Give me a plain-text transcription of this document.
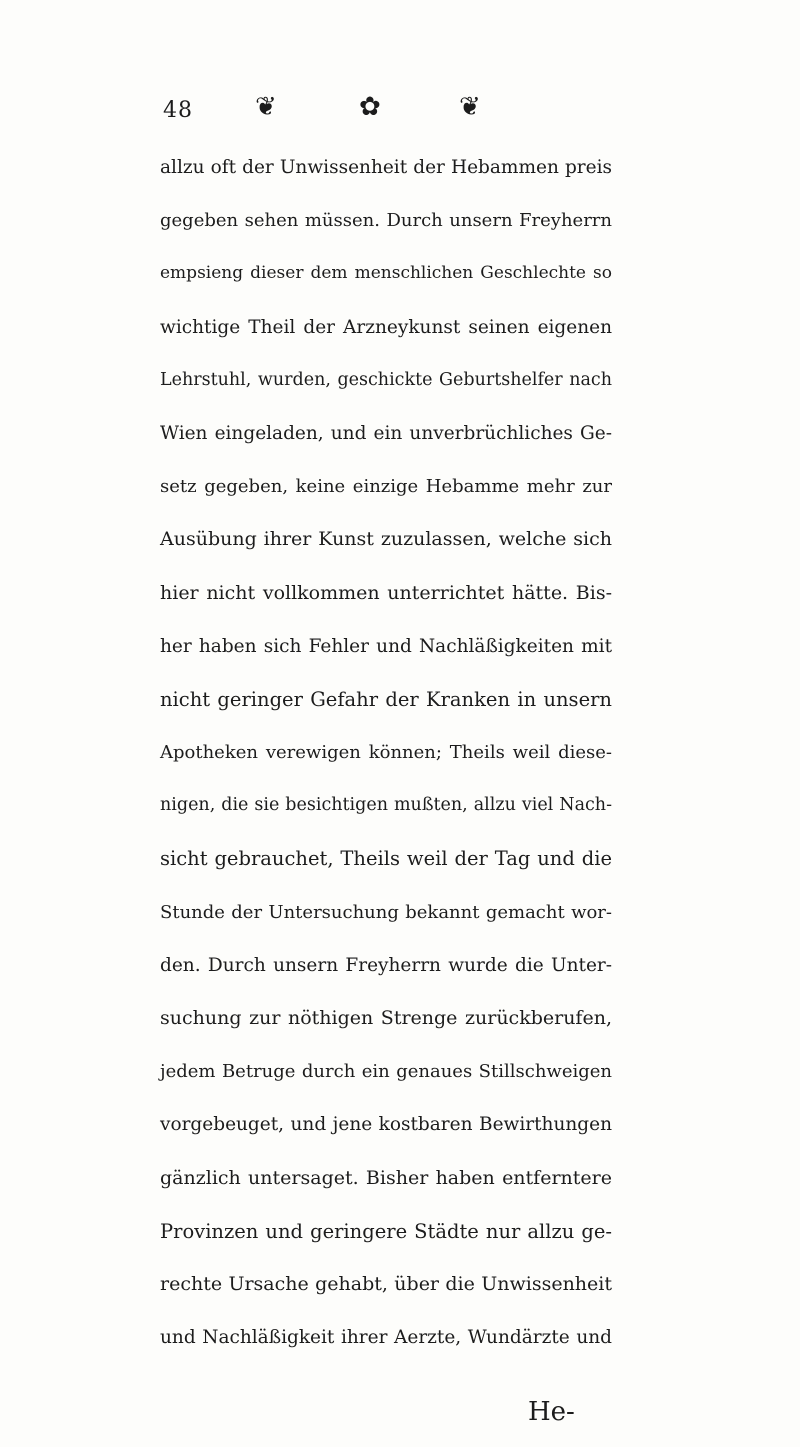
48 ❦	✿	❦
allzu oft der Unwissenheit der Hebammen preis
gegeben sehen müssen. Durch unsern Freyherrn
empsieng dieser dem menschlichen Geschlechte so
wichtige Theil der Arzneykunst seinen eigenen
Lehrstuhl, wurden, geschickte Geburtshelfer nach
Wien eingeladen, und ein unverbrüchliches Ge-
setz gegeben, keine einzige Hebamme mehr zur
Ausübung ihrer Kunst zuzulassen, welche sich
hier nicht vollkommen unterrichtet hätte. Bis-
her haben sich Fehler und Nachläßigkeiten mit
nicht geringer Gefahr der Kranken in unsern
Apotheken verewigen können; Theils weil diese-
nigen, die sie besichtigen mußten, allzu viel Nach-
sicht gebrauchet, Theils weil der Tag und die
Stunde der Untersuchung bekannt gemacht wor-
den. Durch unsern Freyherrn wurde die Unter-
suchung zur nöthigen Strenge zurückberufen,
jedem Betruge durch ein genaues Stillschweigen
vorgebeuget, und jene kostbaren Bewirthungen
gänzlich untersaget. Bisher haben entferntere
Provinzen und geringere Städte nur allzu ge-
rechte Ursache gehabt, über die Unwissenheit
und Nachläßigkeit ihrer Aerzte, Wundärzte und
He-
